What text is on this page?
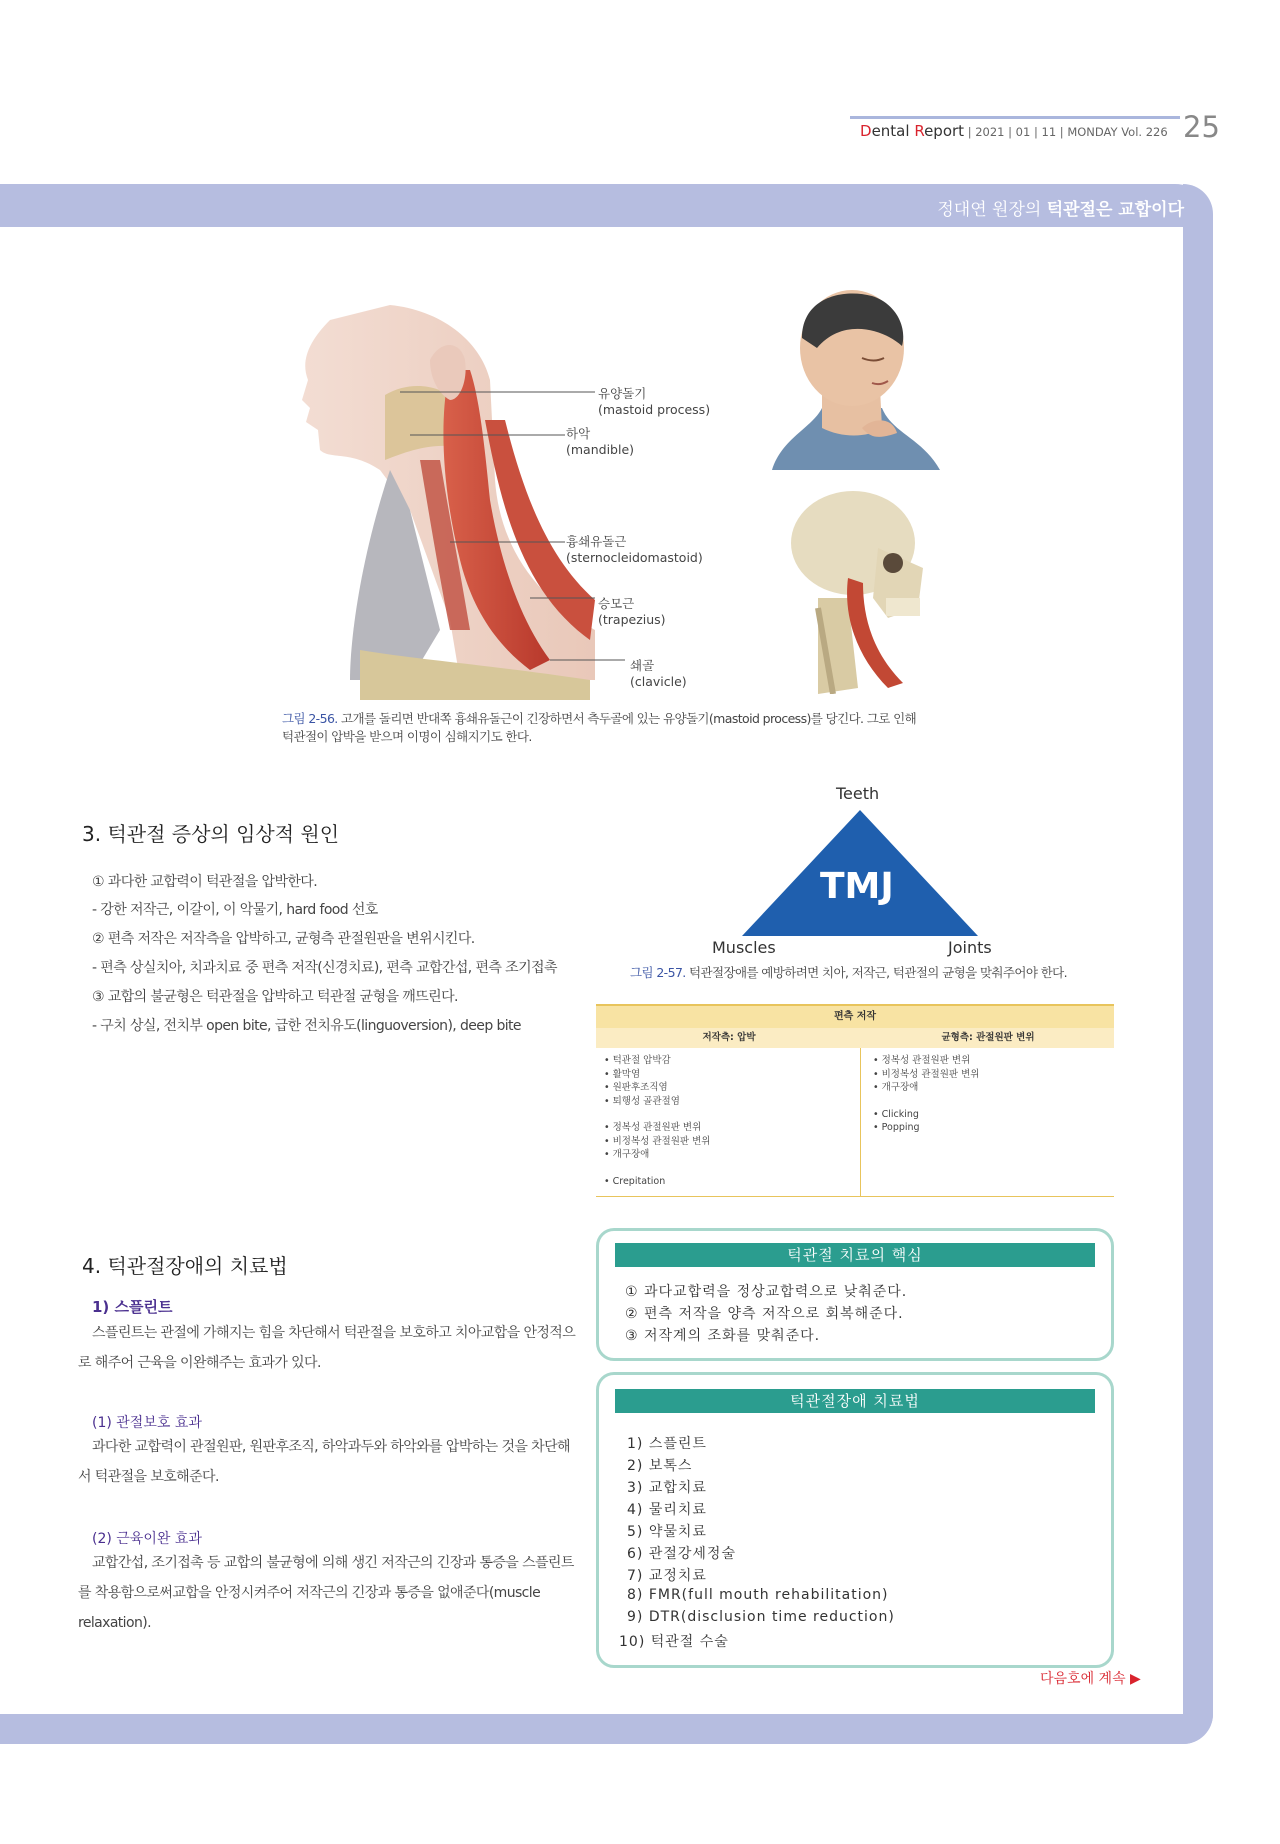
Dental Report | 2021 | 01 | 11 | MONDAY Vol. 226 25
정대연 원장의 턱관절은 교합이다
유양돌기
(mastoid process)
하악
(mandible)
흉쇄유돌근
(sternocleidomastoid)
승모근
(trapezius)
쇄골
(clavicle)
그림 2-56. 고개를 돌리면 반대쪽 흉쇄유돌근이 긴장하면서 측두골에 있는 유양돌기(mastoid process)를 당긴다. 그로 인해
턱관절이 압박을 받으며 이명이 심해지기도 한다.
Teeth
TMJ
Muscles	Joints
그림 2-57. 턱관절장애를 예방하려면 치아, 저작근, 턱관절의 균형을 맞춰주어야 한다.
3. 턱관절 증상의 임상적 원인
① 과다한 교합력이 턱관절을 압박한다.
- 강한 저작근, 이갈이, 이 악물기, hard food 선호
② 편측 저작은 저작측을 압박하고, 균형측 관절원판을 변위시킨다.
- 편측 상실치아, 치과치료 중 편측 저작(신경치료), 편측 교합간섭, 편측 조기접촉
③ 교합의 불균형은 턱관절을 압박하고 턱관절 균형을 깨뜨린다.
- 구치 상실, 전치부 open bite, 급한 전치유도(linguoversion), deep bite
편측 저작
저작측: 압박	균형측: 관절원판 변위
• 턱관절 압박감
• 활막염
• 원판후조직염
• 퇴행성 골관절염
• 정복성 관절원판 변위
• 비정복성 관절원판 변위
• 개구장애
• Crepitation
• 정복성 관절원판 변위
• 비정복성 관절원판 변위
• 개구장애
• Clicking
• Popping
4. 턱관절장애의 치료법
1) 스플린트
스플린트는 관절에 가해지는 힘을 차단해서 턱관절을 보호하고 치아교합을 안정적으로 해주어 근육을 이완해주는 효과가 있다.
(1) 관절보호 효과
과다한 교합력이 관절원판, 원판후조직, 하악과두와 하악와를 압박하는 것을 차단해서 턱관절을 보호해준다.
(2) 근육이완 효과
교합간섭, 조기접촉 등 교합의 불균형에 의해 생긴 저작근의 긴장과 통증을 스플린트를 착용함으로써교합을 안정시켜주어 저작근의 긴장과 통증을 없애준다(muscle relaxation).
턱관절 치료의 핵심
① 과다교합력을 정상교합력으로 낮춰준다.
② 편측 저작을 양측 저작으로 회복해준다.
③ 저작계의 조화를 맞춰준다.
턱관절장애 치료법
1) 스플린트
2) 보톡스
3) 교합치료
4) 물리치료
5) 약물치료
6) 관절강세정술
7) 교정치료
8) FMR(full mouth rehabilitation)
9) DTR(disclusion time reduction)
10) 턱관절 수술
다음호에 계속 ▶
